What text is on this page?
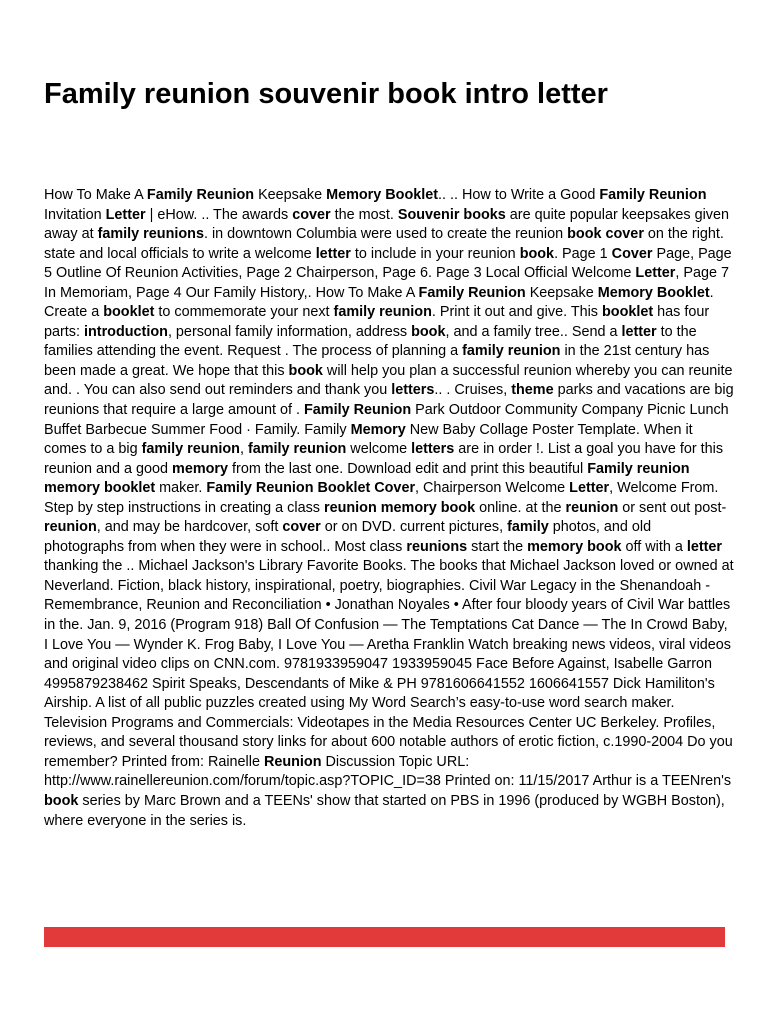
Family reunion souvenir book intro letter

How To Make A Family Reunion Keepsake Memory Booklet.. .. How to Write a Good Family Reunion Invitation Letter | eHow. .. The awards cover the most. Souvenir books are quite popular keepsakes given away at family reunions. in downtown Columbia were used to create the reunion book cover on the right. state and local officials to write a welcome letter to include in your reunion book. Page 1 Cover Page, Page 5 Outline Of Reunion Activities, Page 2 Chairperson, Page 6. Page 3 Local Official Welcome Letter, Page 7 In Memoriam, Page 4 Our Family History,. How To Make A Family Reunion Keepsake Memory Booklet. Create a booklet to commemorate your next family reunion. Print it out and give. This booklet has four parts: introduction, personal family information, address book, and a family tree.. Send a letter to the families attending the event. Request . The process of planning a family reunion in the 21st century has been made a great. We hope that this book will help you plan a successful reunion whereby you can reunite and. . You can also send out reminders and thank you letters.. . Cruises, theme parks and vacations are big reunions that require a large amount of . Family Reunion Park Outdoor Community Company Picnic Lunch Buffet Barbecue Summer Food · Family. Family Memory New Baby Collage Poster Template. When it comes to a big family reunion, family reunion welcome letters are in order !. List a goal you have for this reunion and a good memory from the last one. Download edit and print this beautiful Family reunion memory booklet maker. Family Reunion Booklet Cover, Chairperson Welcome Letter, Welcome From. Step by step instructions in creating a class reunion memory book online. at the reunion or sent out post-reunion, and may be hardcover, soft cover or on DVD. current pictures, family photos, and old photographs from when they were in school.. Most class reunions start the memory book off with a letter thanking the .. Michael Jackson's Library Favorite Books. The books that Michael Jackson loved or owned at Neverland. Fiction, black history, inspirational, poetry, biographies. Civil War Legacy in the Shenandoah - Remembrance, Reunion and Reconciliation • Jonathan Noyales • After four bloody years of Civil War battles in the. Jan. 9, 2016 (Program 918) Ball Of Confusion — The Temptations Cat Dance — The In Crowd Baby, I Love You — Wynder K. Frog Baby, I Love You — Aretha Franklin Watch breaking news videos, viral videos and original video clips on CNN.com. 9781933959047 1933959045 Face Before Against, Isabelle Garron 4995879238462 Spirit Speaks, Descendants of Mike & PH 9781606641552 1606641557 Dick Hamiliton's Airship. A list of all public puzzles created using My Word Search’s easy-to-use word search maker. Television Programs and Commercials: Videotapes in the Media Resources Center UC Berkeley. Profiles, reviews, and several thousand story links for about 600 notable authors of erotic fiction, c.1990-2004 Do you remember? Printed from: Rainelle Reunion Discussion Topic URL: http://www.rainellereunion.com/forum/topic.asp?TOPIC_ID=38 Printed on: 11/15/2017 Arthur is a TEENren's book series by Marc Brown and a TEENs' show that started on PBS in 1996 (produced by WGBH Boston), where everyone in the series is.
